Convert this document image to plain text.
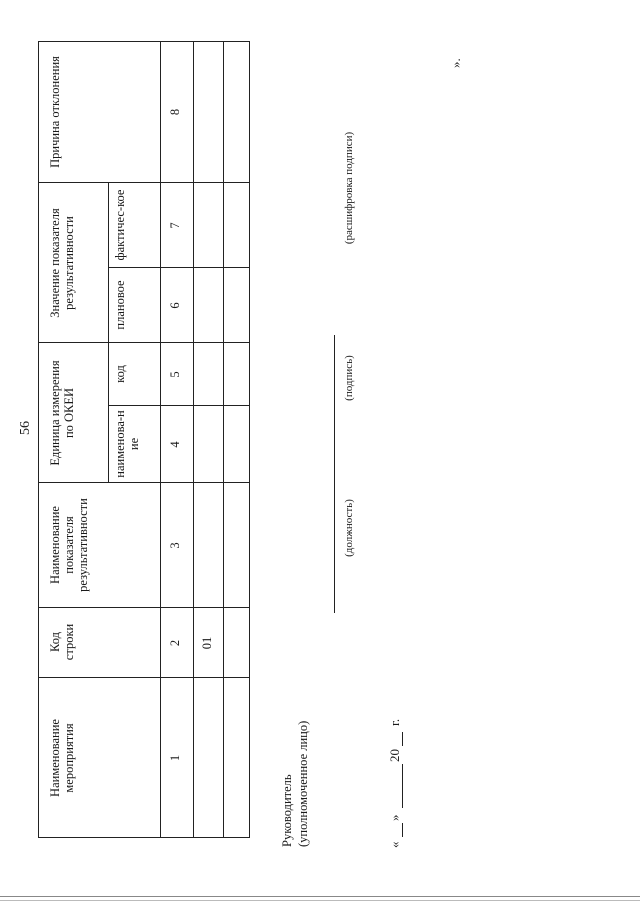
56
».
Наименование мероприятия
Код строки
Наименование показателя результативности
Единица измерения по ОКЕИ	наименова-ние
код
Значение показателя результативности	плановое
фактичес-кое
Причина отклонения
1
2
3
4
5
6
7
8
01
Руководитель (уполномоченное лицо)
(должность)
(подпись)
(расшифровка подписи)
«
»
20
г.
